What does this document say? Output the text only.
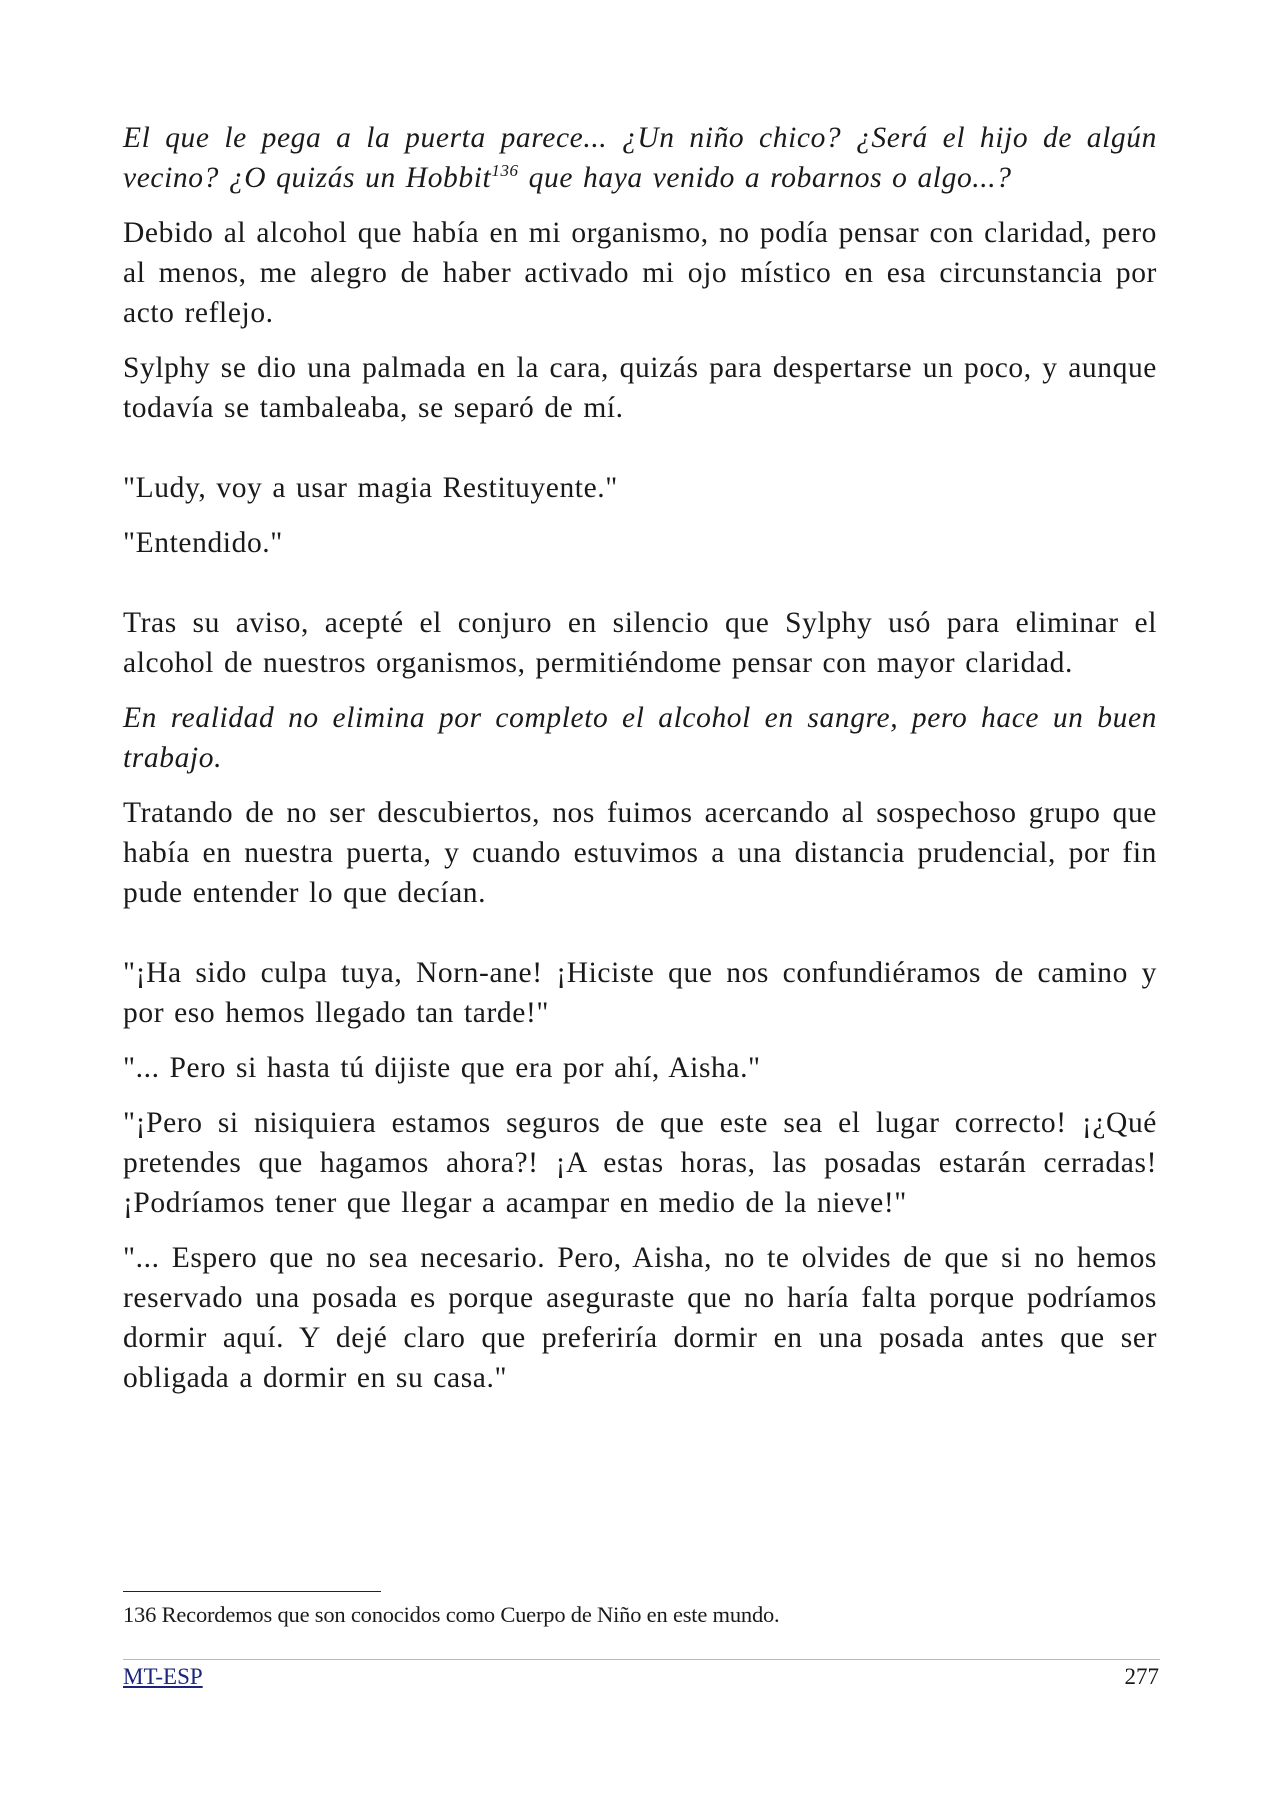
El que le pega a la puerta parece... ¿Un niño chico? ¿Será el hijo de algún vecino? ¿O quizás un Hobbit$^{136}$ que haya venido a robarnos o algo...?

Debido al alcohol que había en mi organismo, no podía pensar con claridad, pero al menos, me alegro de haber activado mi ojo místico en esa circunstancia por acto reflejo.

Sylphy se dio una palmada en la cara, quizás para despertarse un poco, y aunque todavía se tambaleaba, se separó de mí.

"Ludy, voy a usar magia Restituyente."

"Entendido."

Tras su aviso, acepté el conjuro en silencio que Sylphy usó para eliminar el alcohol de nuestros organismos, permitiéndome pensar con mayor claridad.

En realidad no elimina por completo el alcohol en sangre, pero hace un buen trabajo.

Tratando de no ser descubiertos, nos fuimos acercando al sospechoso grupo que había en nuestra puerta, y cuando estuvimos a una distancia prudencial, por fin pude entender lo que decían.

"¡Ha sido culpa tuya, Norn-ane! ¡Hiciste que nos confundiéramos de camino y por eso hemos llegado tan tarde!"

"... Pero si hasta tú dijiste que era por ahí, Aisha."

"¡Pero si nisiquiera estamos seguros de que este sea el lugar correcto! ¡¿Qué pretendes que hagamos ahora?! ¡A estas horas, las posadas estarán cerradas! ¡Podríamos tener que llegar a acampar en medio de la nieve!"

"... Espero que no sea necesario. Pero, Aisha, no te olvides de que si no hemos reservado una posada es porque aseguraste que no haría falta porque podríamos dormir aquí. Y dejé claro que preferiría dormir en una posada antes que ser obligada a dormir en su casa."

136 Recordemos que son conocidos como Cuerpo de Niño en este mundo.
MT-ESP	277
